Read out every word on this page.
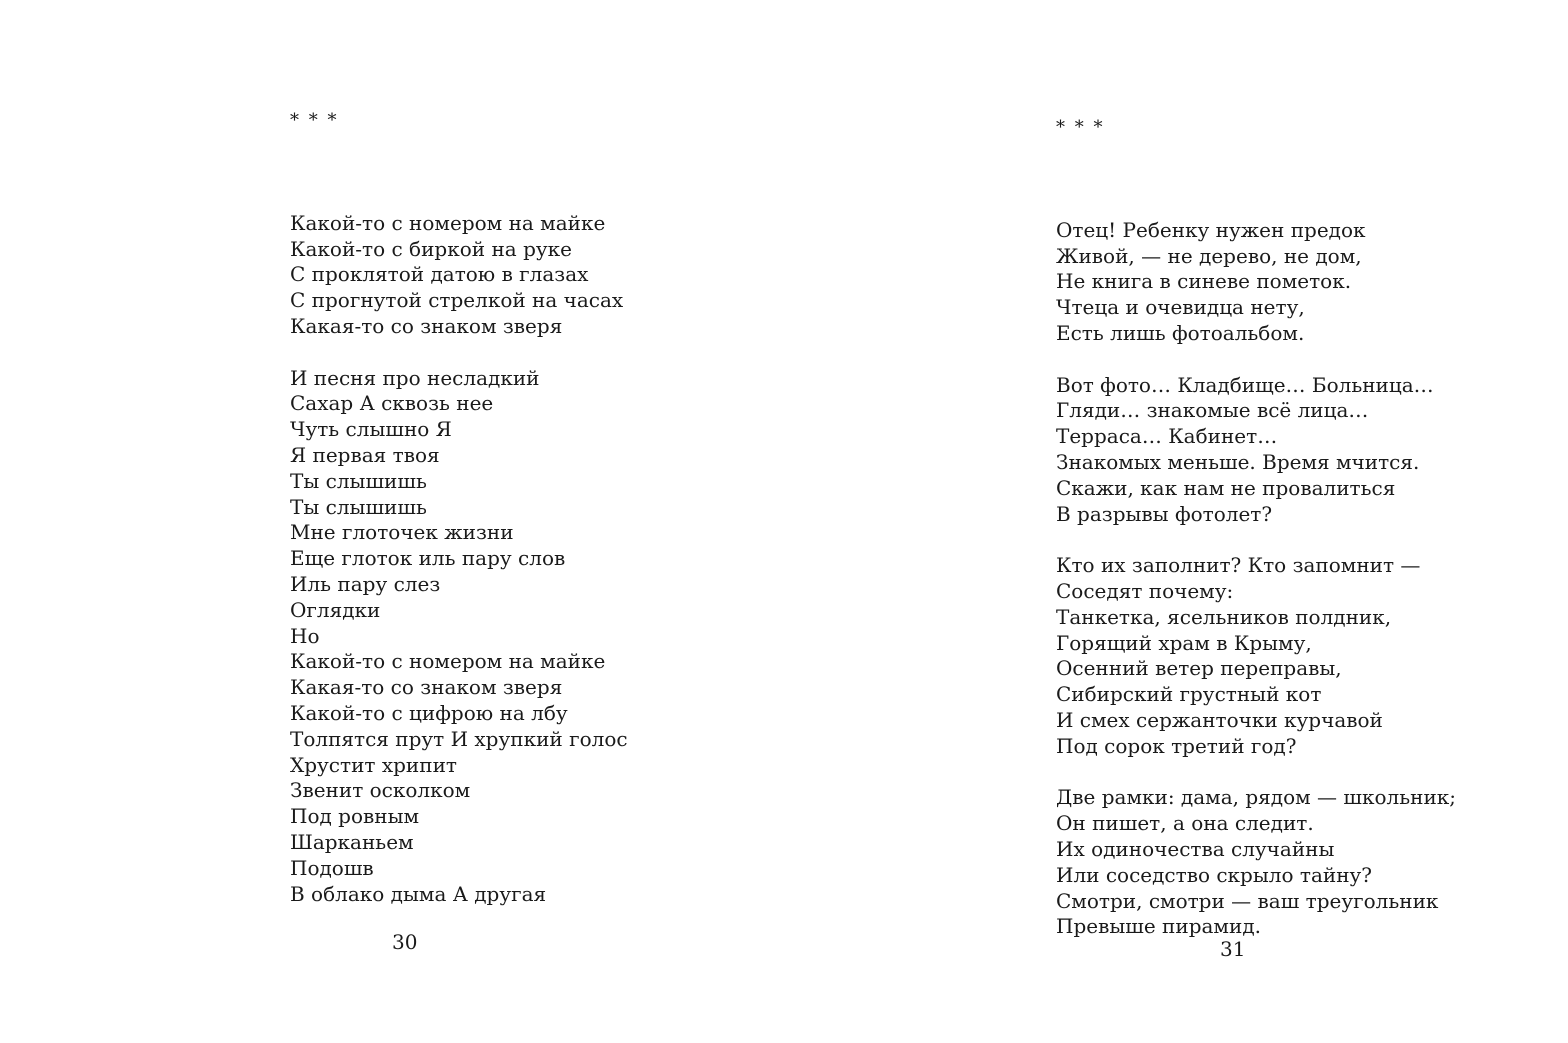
* * *

Какой-то с номером на майке
Какой-то с биркой на руке
С проклятой датою в глазах
С прогнутой стрелкой на часах
Какая-то со знаком зверя
И песня про несладкий
Сахар А сквозь нее
Чуть слышно Я
Я первая твоя
Ты слышишь
Ты слышишь
Мне глоточек жизни
Еще глоток иль пару слов
Иль пару слез
Оглядки
Но
Какой-то с номером на майке
Какая-то со знаком зверя
Какой-то с цифрою на лбу
Толпятся прут И хрупкий голос
Хрустит хрипит
Звенит осколком
Под ровным
Шарканьем
Подошв
В облако дыма А другая

30

* * *

Отец! Ребенку нужен предок
Живой, — не дерево, не дом,
Не книга в синеве пометок.
Чтеца и очевидца нету,
Есть лишь фотоальбом.
Вот фото… Кладбище… Больница…
Гляди… знакомые всё лица…
Терраса… Кабинет…
Знакомых меньше. Время мчится.
Скажи, как нам не провалиться
В разрывы фотолет?
Кто их заполнит? Кто запомнит —
Соседят почему:
Танкетка, ясельников полдник,
Горящий храм в Крыму,
Осенний ветер переправы,
Сибирский грустный кот
И смех сержанточки курчавой
Под сорок третий год?
Две рамки: дама, рядом — школьник;
Он пишет, а она следит.
Их одиночества случайны
Или соседство скрыло тайну?
Смотри, смотри — ваш треугольник
Превыше пирамид.

31
